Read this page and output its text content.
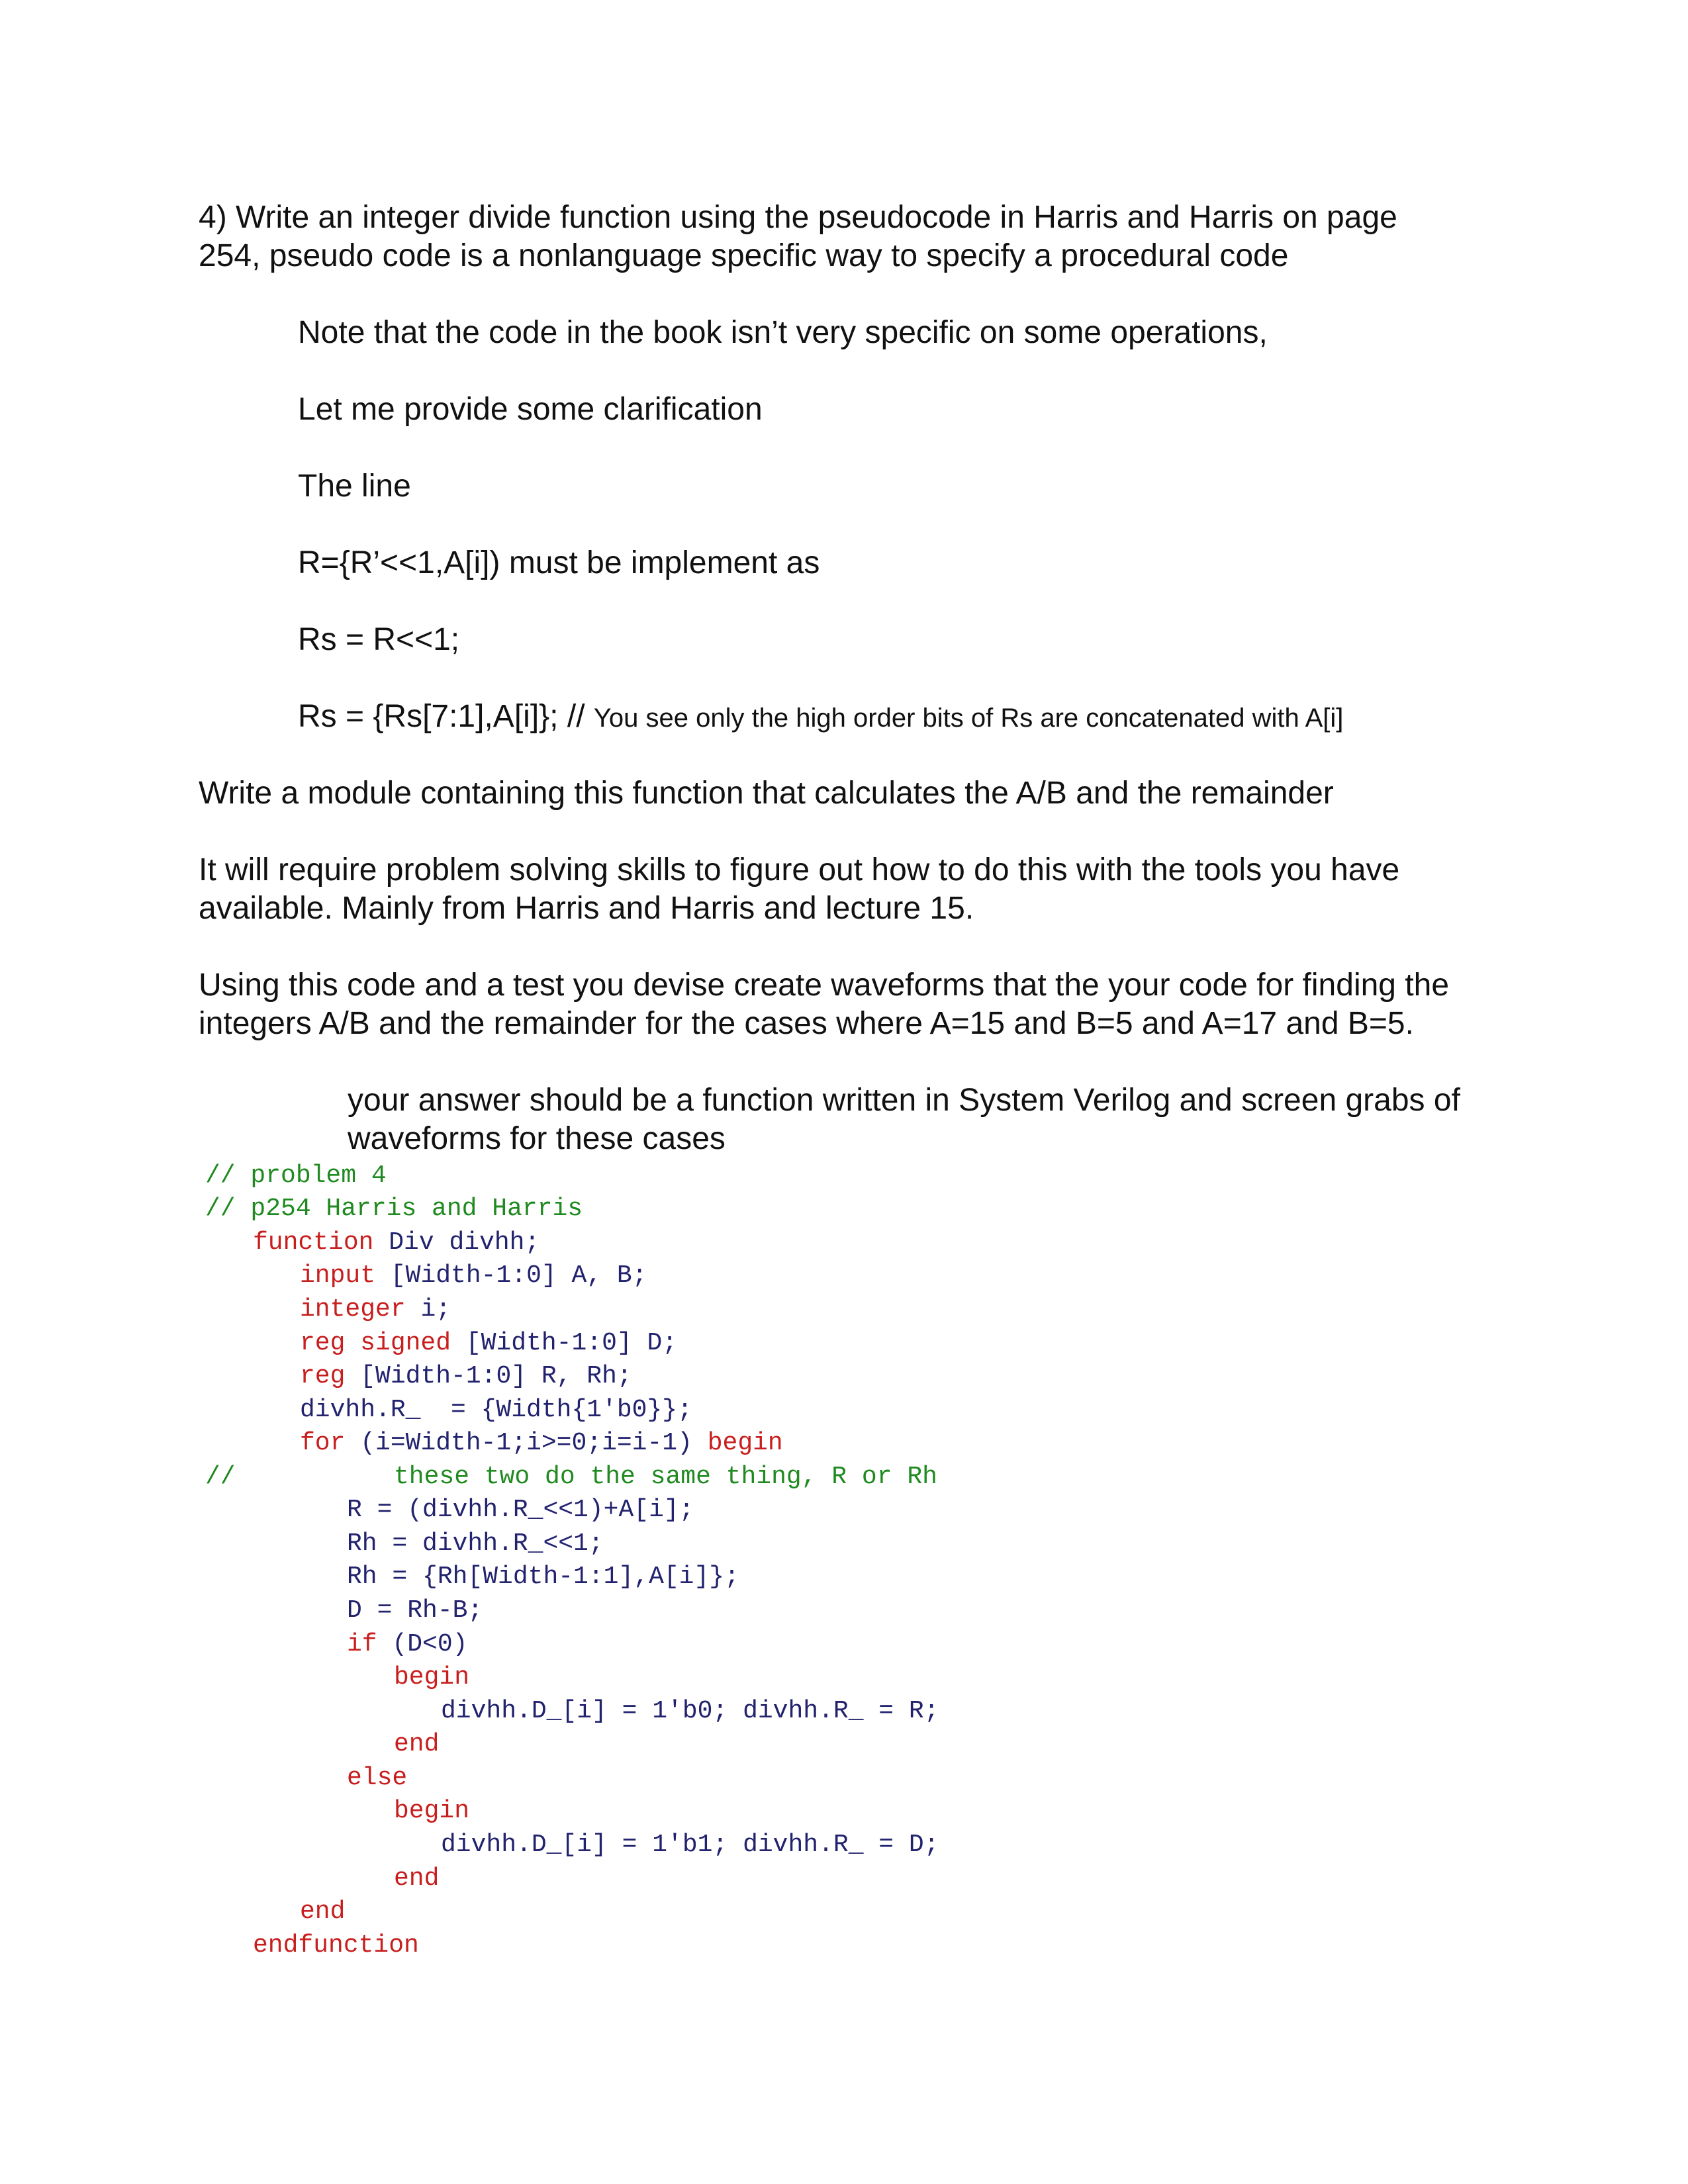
4) Write an integer divide function using the pseudocode in Harris and Harris on page
254, pseudo code is a nonlanguage specific way to specify a procedural code
Note that the code in the book isn’t very specific on some operations,
Let me provide some clarification
The line
R={R’<<1,A[i]) must be implement as
Rs = R<<1;
Rs = {Rs[7:1],A[i]}; // You see only the high order bits of Rs are concatenated with A[i]
Write a module containing this function that calculates the A/B and the remainder
It will require problem solving skills to figure out how to do this with the tools you have
available. Mainly from Harris and Harris and lecture 15.
Using this code and a test you devise create waveforms that the your code for finding the
integers A/B and the remainder for the cases where A=15 and B=5 and A=17 and B=5.
your answer should be a function written in System Verilog and screen grabs of
waveforms for these cases
// problem 4
// p254 Harris and Harris
function Div divhh;
input [Width-1:0] A, B;
integer i;
reg signed [Width-1:0] D;
reg [Width-1:0] R, Rh;
divhh.R_  = {Width{1'b0}};
for (i=Width-1;i>=0;i=i-1) begin
//	these two do the same thing, R or Rh
R = (divhh.R_<<1)+A[i];
Rh = divhh.R_<<1;
Rh = {Rh[Width-1:1],A[i]};
D = Rh-B;
if (D<0)
begin
divhh.D_[i] = 1'b0; divhh.R_ = R;
end
else
begin
divhh.D_[i] = 1'b1; divhh.R_ = D;
end
end
endfunction
